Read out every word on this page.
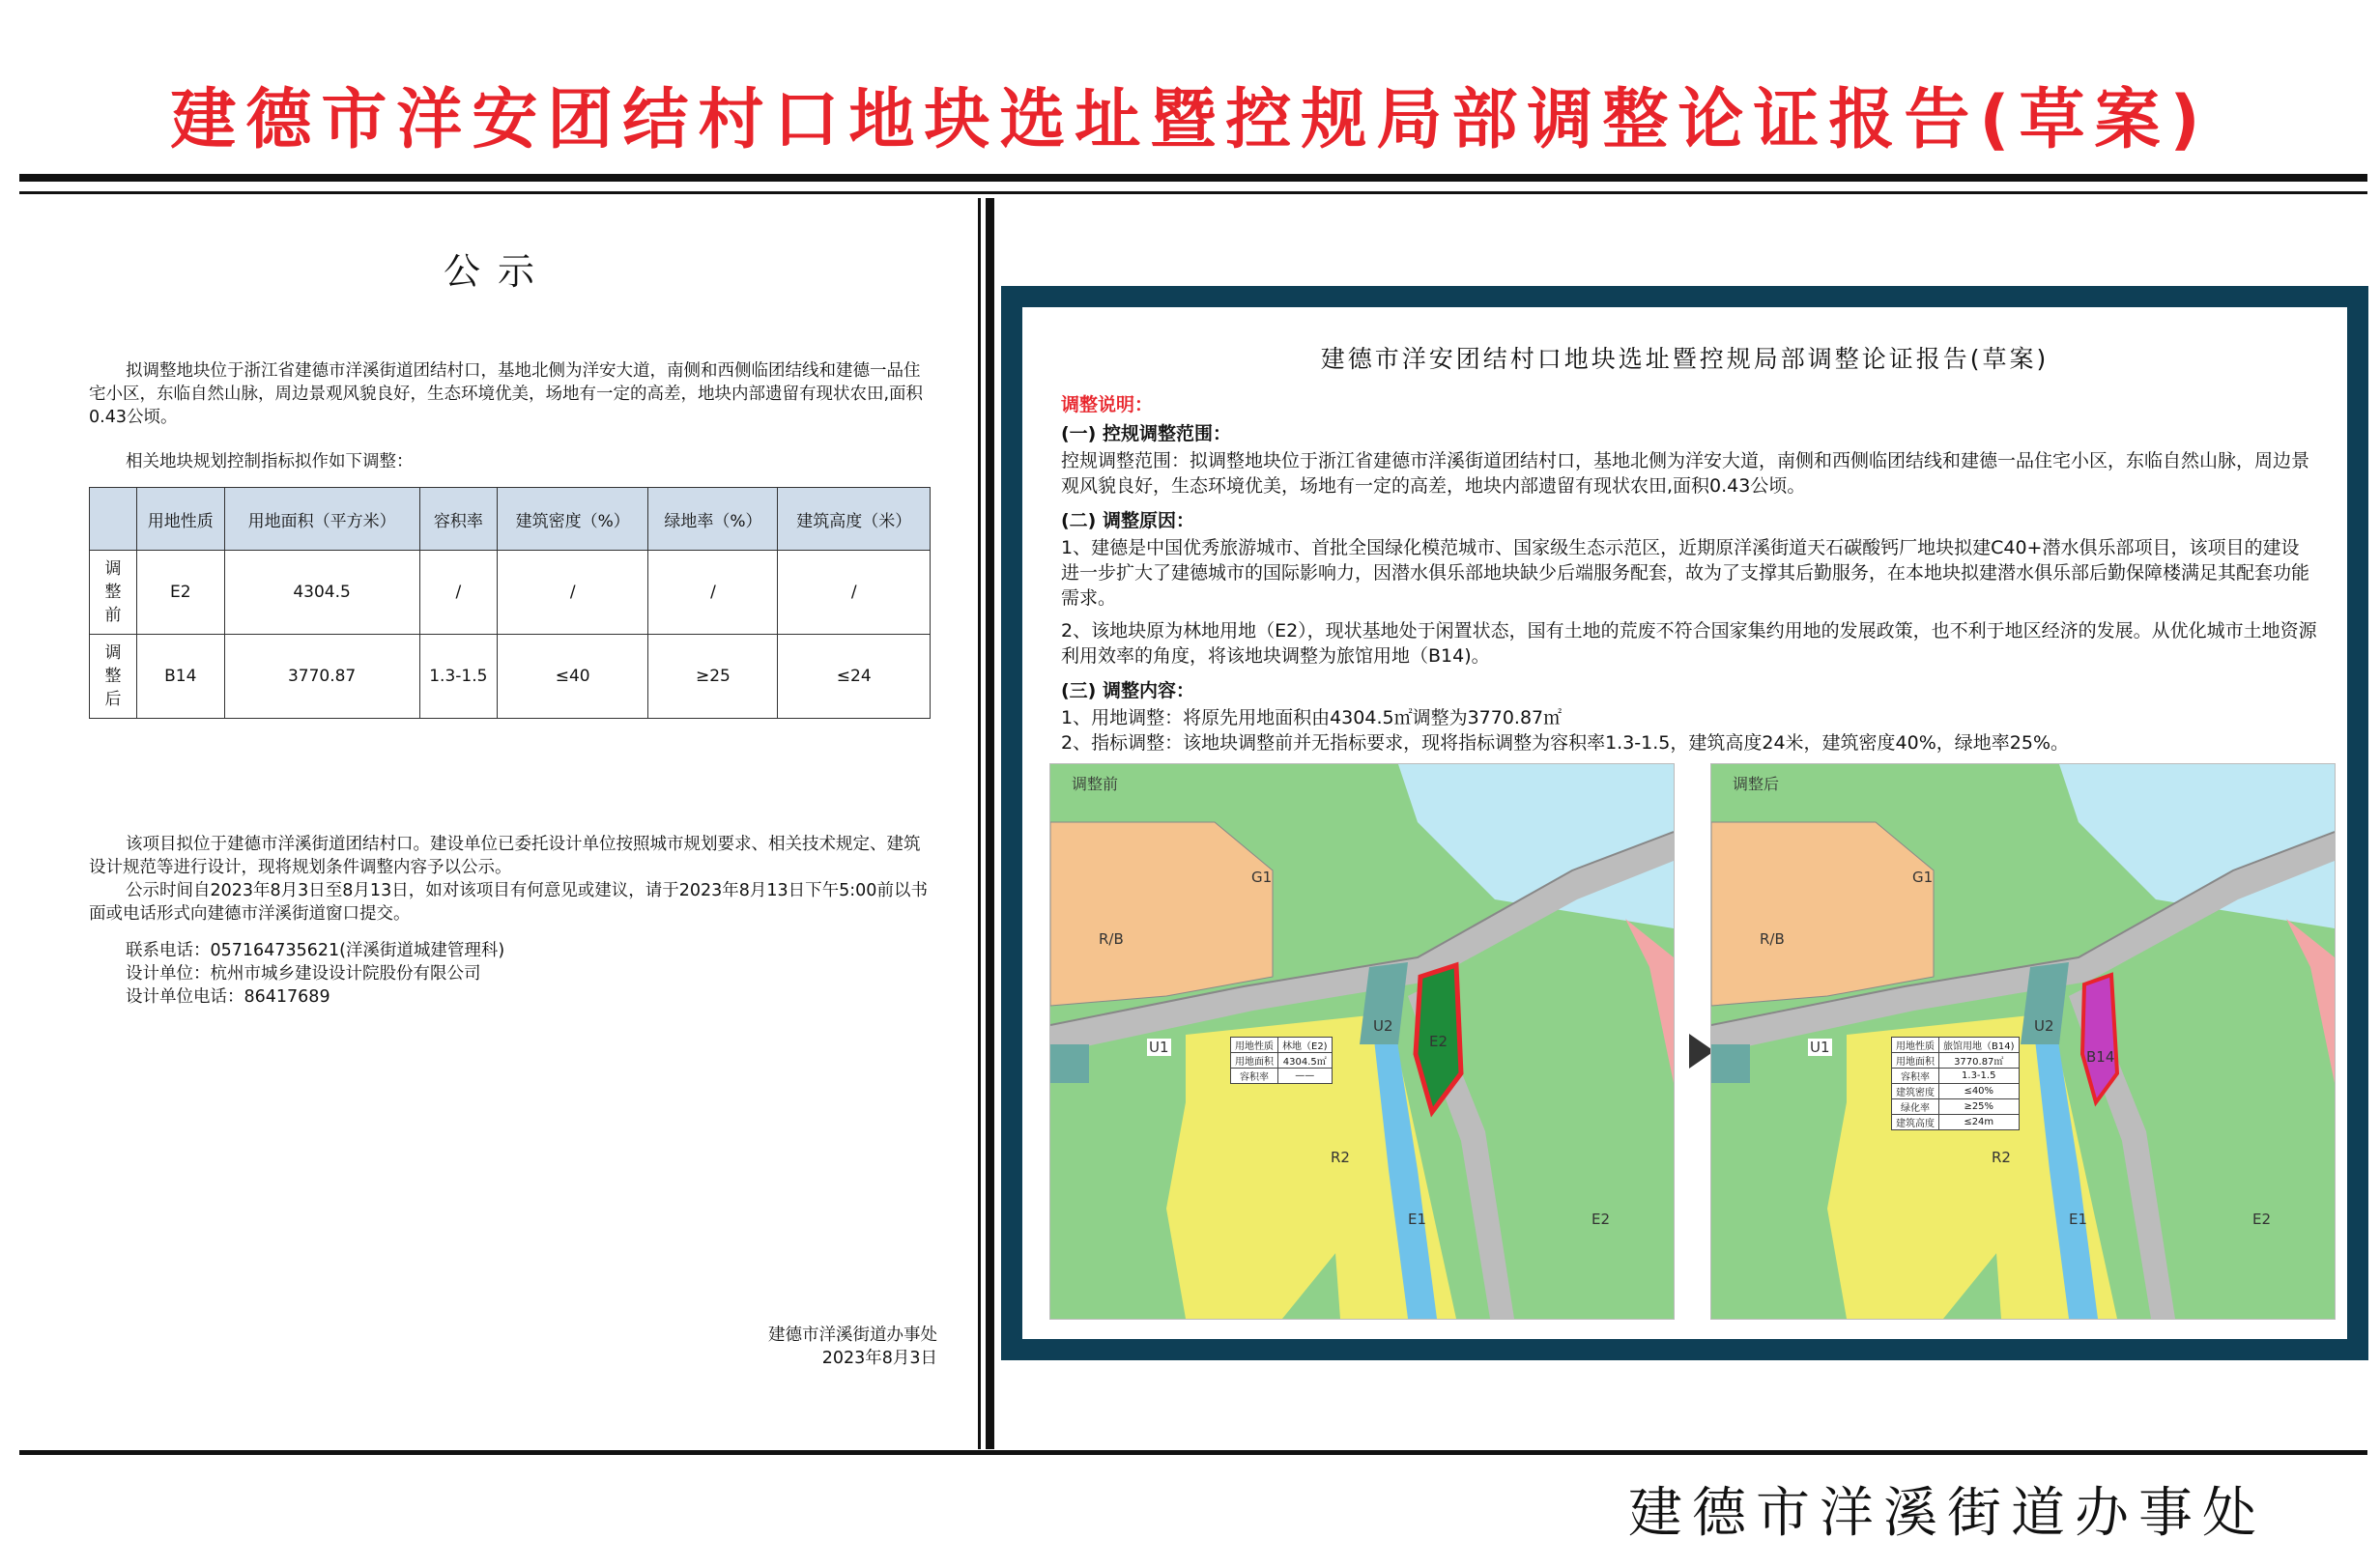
建德市洋安团结村口地块选址暨控规局部调整论证报告(草案)
公示
拟调整地块位于浙江省建德市洋溪街道团结村口，基地北侧为洋安大道，南侧和西侧临团结线和建德一品住宅小区，东临自然山脉，周边景观风貌良好，生态环境优美，场地有一定的高差，地块内部遗留有现状农田,面积0.43公顷。
相关地块规划控制指标拟作如下调整：
	用地性质	用地面积（平方米）	容积率	建筑密度（%）	绿地率（%）	建筑高度（米）
调
整
前	E2	4304.5	/	/	/	/
调
整
后	B14	3770.87	1.3-1.5	≤40	≥25	≤24
该项目拟位于建德市洋溪街道团结村口。建设单位已委托设计单位按照城市规划要求、相关技术规定、建筑设计规范等进行设计，现将规划条件调整内容予以公示。
公示时间自2023年8月3日至8月13日，如对该项目有何意见或建议，请于2023年8月13日下午5:00前以书面或电话形式向建德市洋溪街道窗口提交。
联系电话：057164735621(洋溪街道城建管理科)
设计单位：杭州市城乡建设设计院股份有限公司
设计单位电话：86417689
建德市洋溪街道办事处
2023年8月3日
建德市洋安团结村口地块选址暨控规局部调整论证报告(草案)
调整说明：
(一) 控规调整范围：
控规调整范围：拟调整地块位于浙江省建德市洋溪街道团结村口，基地北侧为洋安大道，南侧和西侧临团结线和建德一品住宅小区，东临自然山脉，周边景观风貌良好，生态环境优美，场地有一定的高差，地块内部遗留有现状农田,面积0.43公顷。
(二) 调整原因：
1、建德是中国优秀旅游城市、首批全国绿化模范城市、国家级生态示范区，近期原洋溪街道天石碳酸钙厂地块拟建C40+潜水俱乐部项目，该项目的建设进一步扩大了建德城市的国际影响力，因潜水俱乐部地块缺少后端服务配套，故为了支撑其后勤服务，在本地块拟建潜水俱乐部后勤保障楼满足其配套功能需求。
2、该地块原为林地用地（E2），现状基地处于闲置状态，国有土地的荒废不符合国家集约用地的发展政策，也不利于地区经济的发展。从优化城市土地资源利用效率的角度，将该地块调整为旅馆用地（B14)。
(三) 调整内容：
1、用地调整：将原先用地面积由4304.5㎡调整为3770.87㎡
2、指标调整：该地块调整前并无指标要求，现将指标调整为容积率1.3-1.5，建筑高度24米，建筑密度40%，绿地率25%。
调整前
G1
R/B
U2
U1	E2
R2
E1	E2
用地性质	林地（E2)
用地面积	4304.5㎡
容积率	——
调整后
G1
R/B
U2
U1
B14
R2
E1	E2
用地性质	旅馆用地（B14)
用地面积	3770.87㎡
容积率	1.3-1.5
建筑密度	≤40%
绿化率	≥25%
建筑高度	≤24m
建德市洋溪街道办事处
